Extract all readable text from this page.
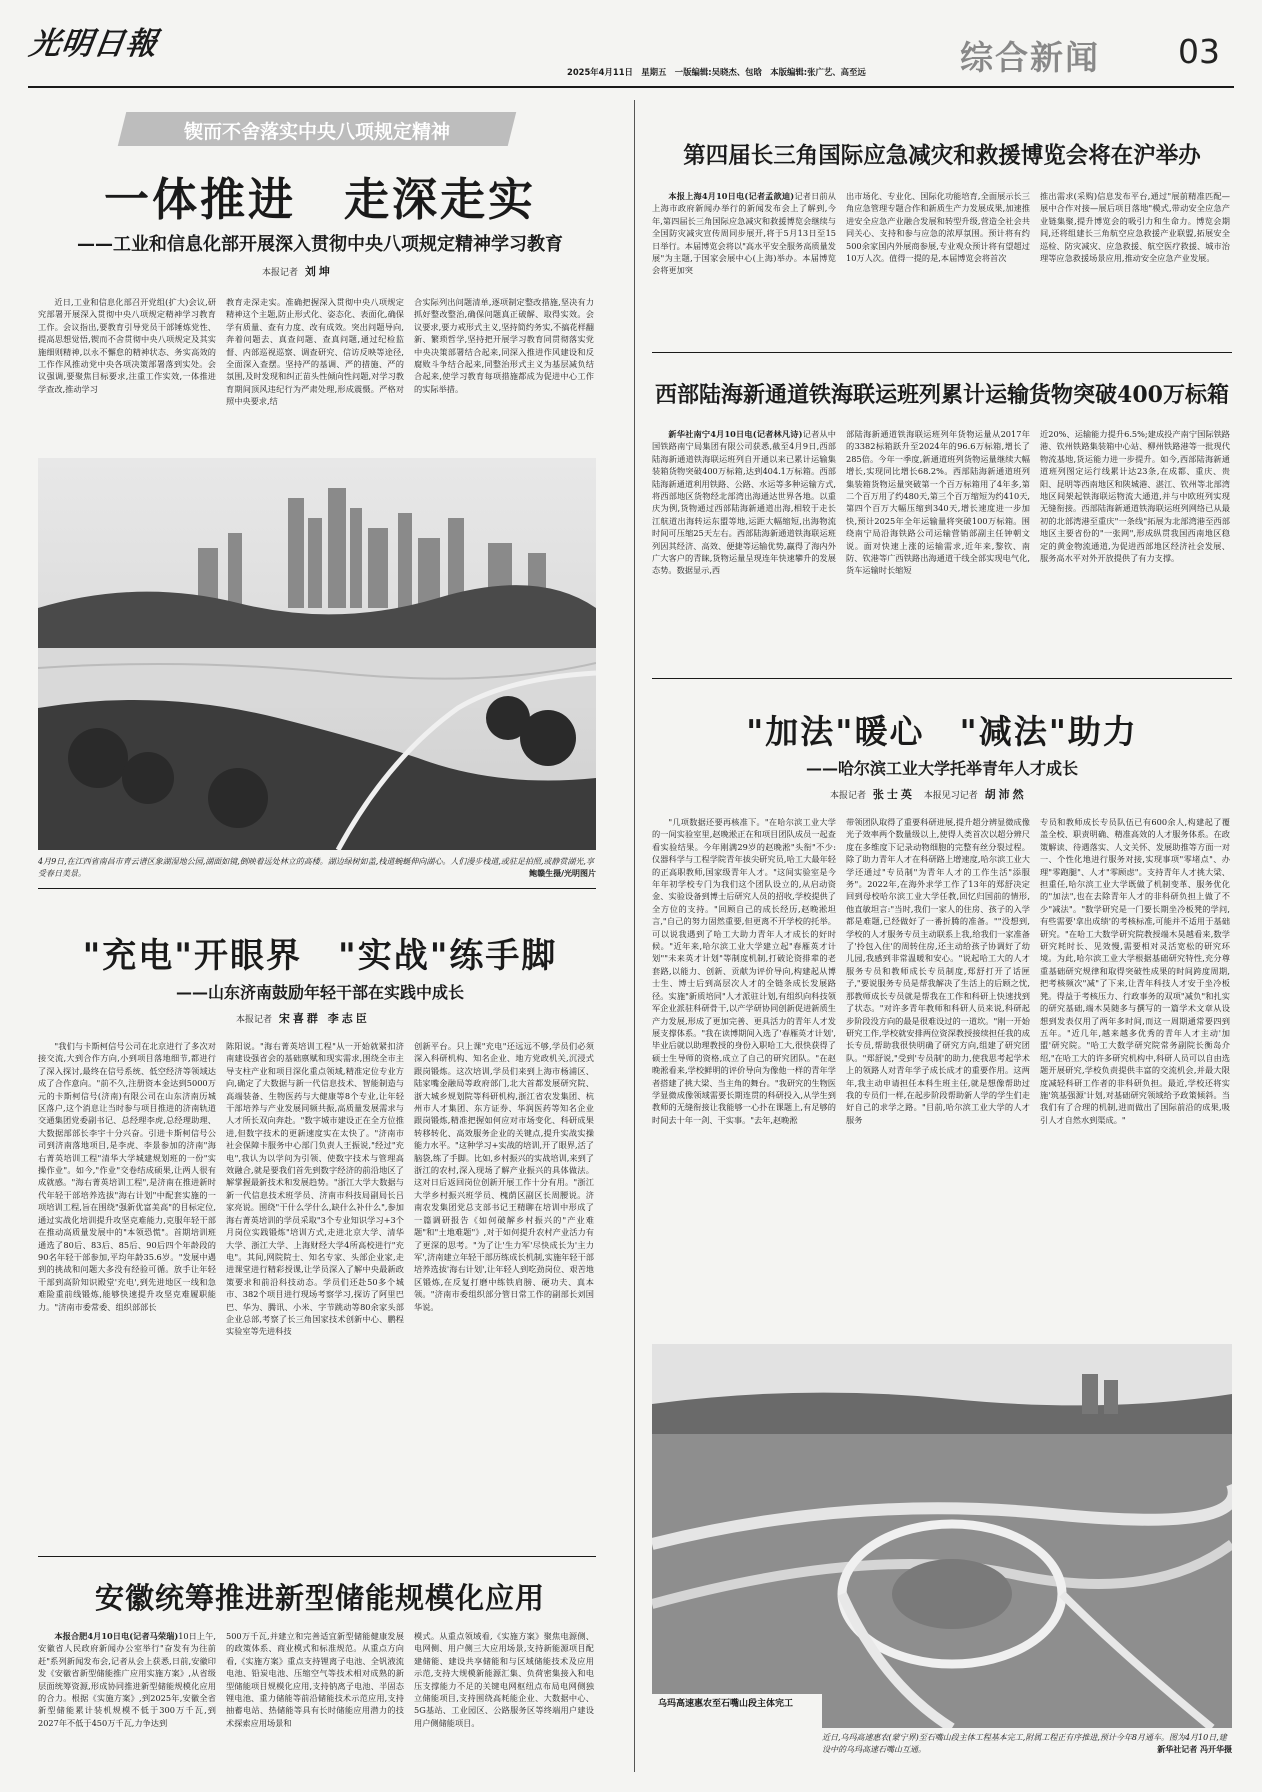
光明日報
2025年4月11日　星期五　一版编辑:吴晓杰、包晗　本版编辑:张广艺、高至远	综合新闻 03
锲而不舍落实中央八项规定精神
一体推进　走深走实
——工业和信息化部开展深入贯彻中央八项规定精神学习教育
本报记者 刘坤

近日,工业和信息化部召开党组(扩大)会议,研究部署开展深入贯彻中央八项规定精神学习教育工作。会议指出,要教育引导党员干部锤炼党性、提高思想觉悟,锲而不舍贯彻中央八项规定及其实施细则精神,以永不懈怠的精神状态、务实高效的工作作风推动党中央各项决策部署落到实处。会议强调,要聚焦目标要求,注重工作实效,一体推进学查改,推动学习

教育走深走实。准确把握深入贯彻中央八项规定精神这个主题,防止形式化、姿态化、表面化,确保学有质量、查有力度、改有成效。突出问题导向,奔着问题去、真查问题、查真问题,通过纪检监督、内部巡视巡察、调查研究、信访反映等途径,全面深入查摆。坚持严的基调、严的措施、严的氛围,及时发现和纠正苗头性倾向性问题,对学习教育期间顶风违纪行为严肃处理,形成震慑。严格对照中央要求,结

合实际列出问题清单,逐项制定整改措施,坚决有力抓好整改整治,确保问题真正破解、取得实效。会议要求,要力戒形式主义,坚持简约务实,不搞花样翻新、繁琐哲学,坚持把开展学习教育同贯彻落实党中央决策部署结合起来,同深入推进作风建设和反腐败斗争结合起来,同整治形式主义为基层减负结合起来,使学习教育每项措施都成为促进中心工作的实际举措。

4月9日,在江西省南昌市青云谱区象湖湿地公园,湖面如镜,倒映着远处林立的高楼。湖边绿树如盖,栈道蜿蜒伸向湖心。人们漫步栈道,或驻足拍照,或静赏湖光,享受春日美景。	鲍赣生摄/光明图片
"充电"开眼界　"实战"练手脚
——山东济南鼓励年轻干部在实践中成长
本报记者 宋喜群 李志臣

"我们与卡斯柯信号公司在北京进行了多次对接交流,大到合作方向,小到项目落地细节,都进行了深入探讨,最终在信号系统、低空经济等领域达成了合作意向。"前不久,注册资本金达到5000万元的卡斯柯信号(济南)有限公司在山东济南历城区落户,这个消息让当时参与项目推进的济南轨道交通集团党委副书记、总经理李虎,总经理助理、大数据部部长李宇十分兴奋。引进卡斯柯信号公司到济南落地项目,是李虎、李景参加的济南"海右菁英培训工程"清华大学城建规划班的一份"实操作业"。如今,"作业"交卷结成硕果,让两人很有成就感。"海右菁英培训工程",是济南在推进新时代年轻干部培养选拔"海右计划"中配套实施的一项培训工程,旨在围绕"强新优富美高"的目标定位,通过实战化培训提升攻坚克难能力,克服年轻干部在推动高质量发展中的"本领恐慌"。首期培训班通选了80后、83后、85后、90后四个年龄段的90名年轻干部参加,平均年龄35.6岁。"发展中遇到的挑战和问题大多没有经验可循。放手让年轻干部到高阶知识殿堂'充电',到先进地区一线和急难险重前线锻炼,能够快速提升攻坚克难履职能力。"济南市委常委、组织部部长

陈阳说。"海右菁英培训工程"从一开始就紧扣济南建设强省会的基础禀赋和现实需求,围绕全市主导支柱产业和项目深化重点领域,精准定位专业方向,确定了大数据与新一代信息技术、智能制造与高端装备、生物医药与大健康等8个专业,让年轻干部培养与产业发展同频共振,高质量发展需求与人才所长双向奔赴。"数字城市建设正在全方位推进,但数字技术的更新速度实在太快了。"济南市社会保障卡服务中心部门负责人王振说,"经过"充电",我认为以学问为引领、使数字技术与管理高效融合,就是要我们首先到数字经济的前沿地区了解掌握最新技术和发展趋势。"浙江大学大数据与新一代信息技术班学员、济南市科技局副局长吕家亮说。围绕"干什么学什么,缺什么补什么",参加海右菁英培训的学员采取"3个专业知识学习+3个月岗位实践锻炼"培训方式,走进北京大学、清华大学、浙江大学、上海财经大学4所高校进行"充电"。其间,网院院士、知名专家、头部企业家,走进课堂进行精彩授课,让学员深入了解中央最新政策要求和前沿科技动态。学员们还赴50多个城市、382个项目进行现场考察学习,探访了阿里巴巴、华为、腾讯、小米、字节跳动等80余家头部企业总部,考察了长三角国家技术创新中心、鹏程实验室等先进科技

创新平台。只上课"充电"还远远不够,学员们必须深入科研机构、知名企业、地方党政机关,沉浸式跟岗锻炼。这次培训,学员们来到上海市杨浦区、陆家嘴金融局等政府部门,北大首都发展研究院、浙大城乡规划院等科研机构,浙江省农发集团、杭州市人才集团、东方证券、华润医药等知名企业跟岗锻炼,精准把握如何应对市场变化、科研成果转移转化、高效服务企业的关键点,提升实战实操能力水平。"这种学习+实战的培训,开了眼界,活了脑袋,练了手脚。比如,乡村振兴的实战培训,来到了浙江的农村,深入现场了解产业振兴的具体做法。这对日后返回岗位创新开展工作十分有用。"浙江大学乡村振兴班学员、槐荫区副区长周腰说。济南农发集团党总支部书记王精聊在培训中形成了一篇调研报告《如何破解乡村振兴的"产业难题"和"土地难题"》,对于如何提升农村产业活力有了更深的思考。"为了让'生力军'尽快成长为'主力军',济南建立年轻干部历练成长机制,实施年轻干部培养选拔'海右计划',让年轻人到吃劲岗位、艰苦地区锻炼,在反复打磨中练铁肩膀、硬功夫、真本领。"济南市委组织部分管日常工作的副部长刘国华说。

安徽统筹推进新型储能规模化应用

本报合肥4月10日电(记者马荣瑞)10日上午,安徽省人民政府新闻办公室举行"奋发有为往前赶"系列新闻发布会,记者从会上获悉,日前,安徽印发《安徽省新型储能推广应用实施方案》,从省级层面统筹资源,形成协同推进新型储能规模化应用的合力。根据《实施方案》,到2025年,安徽全省新型储能累计装机规模不低于300万千瓦,到2027年不低于450万千瓦,力争达到

500万千瓦,并建立和完善适宜新型储能健康发展的政策体系、商业模式和标准规范。从重点方向看,《实施方案》重点支持锂离子电池、全钒液流电池、铅炭电池、压缩空气等技术相对成熟的新型储能项目规模化应用,支持钠离子电池、半固态锂电池、重力储能等前沿储能技术示范应用,支持抽蓄电站、热储能等具有长时储能应用潜力的技术探索应用场景和

模式。从重点领域看,《实施方案》聚焦电源侧、电网侧、用户侧三大应用场景,支持新能源项目配建储能、建设共享储能和与区域储能技术及应用示范,支持大规模新能源汇集、负荷密集接入和电压支撑能力不足的关键电网枢纽点布局电网侧独立储能项目,支持围绕高耗能企业、大数据中心、5G基站、工业园区、公路服务区等终端用户建设用户侧储能项目。

第四届长三角国际应急减灾和救援博览会将在沪举办

本报上海4月10日电(记者孟歆迪)记者日前从上海市政府新闻办举行的新闻发布会上了解到,今年,第四届长三角国际应急减灾和救援博览会继续与全国防灾减灾宣传周同步展开,将于5月13日至15日举行。本届博览会将以"高水平安全服务高质量发展"为主题,于国家会展中心(上海)举办。本届博览会将更加突

出市场化、专业化、国际化功能培育,全面展示长三角应急管理专题合作和新质生产力发展成果,加速推进安全应急产业融合发展和转型升级,营造全社会共同关心、支持和参与应急的浓厚氛围。预计将有约500余家国内外展商参展,专业观众预计将有望超过10万人次。值得一提的是,本届博览会将首次

推出需求(采购)信息发布平台,通过"展前精准匹配—展中合作对接—展后项目落地"模式,带动安全应急产业链集聚,提升博览会的吸引力和生命力。博览会期间,还将组建长三角航空应急救援产业联盟,拓展安全巡检、防灾减灾、应急救援、航空医疗救援、城市治理等应急救援场景应用,推动安全应急产业发展。

西部陆海新通道铁海联运班列累计运输货物突破400万标箱

新华社南宁4月10日电(记者林凡诗)记者从中国铁路南宁局集团有限公司获悉,截至4月9日,西部陆海新通道铁海联运班列自开通以来已累计运输集装箱货物突破400万标箱,达到404.1万标箱。西部陆海新通道利用铁路、公路、水运等多种运输方式,将西部地区货物经北部湾出海通达世界各地。以重庆为例,货物通过西部陆海新通道出海,相较于走长江航道出海转运东盟等地,运距大幅缩短,出海物流时间可压缩25天左右。西部陆海新通道铁海联运班列因其经济、高效、便捷等运输优势,赢得了海内外广大客户的青睐,货物运量呈现连年快速攀升的发展态势。数据显示,西

部陆海新通道铁海联运班列年货物运量从2017年的3382标箱跃升至2024年的96.6万标箱,增长了285倍。今年一季度,新通道班列货物运量继续大幅增长,实现同比增长68.2%。西部陆海新通道班列集装箱货物运量突破第一个百万标箱用了4年多,第二个百万用了约480天,第三个百万缩短为约410天,第四个百万大幅压缩到340天,增长速度进一步加快,预计2025年全年运输量将突破100万标箱。围绕南宁局沿海铁路公司运输营销部副主任钟朝文说。面对快速上涨的运输需求,近年来,黎钦、南防、钦港等广西铁路出海通道干线全部实现电气化,货车运输时长缩短

近20%、运输能力提升6.5%;建成投产南宁国际铁路港、钦州铁路集装箱中心站、柳州铁路港等一批现代物流基地,货运能力进一步提升。如今,西部陆海新通道班列图定运行线累计达23条,在成都、重庆、贵阳、昆明等西南地区和陕城港、湛江、钦州等北部湾地区间架起铁海联运物流大通道,并与中欧班列实现无缝衔接。西部陆海新通道铁海联运班列网络已从最初的北部湾港至重庆"一条线"拓展为北部湾港至西部地区主要省份的"一张网",形成纵贯我国西南地区稳定的黄金物流通道,为促进西部地区经济社会发展、服务高水平对外开放提供了有力支撑。

"加法"暖心　"减法"助力
——哈尔滨工业大学托举青年人才成长
本报记者 张士英 本报见习记者 胡沛然

"几项数据还要再核准下。"在哈尔滨工业大学的一间实验室里,赵晚淞正在和项目团队成员一起查看实验结果。今年刚满29岁的赵晚淞"头衔"不少:仪器科学与工程学院青年拔尖研究员,哈工大最年轻的正高职教师,国家级青年人才。"这间实验室是今年年初学校专门为我们这个团队设立的,从启动资金、实验设备到博士后研究人员的招收,学校提供了全方位的支持。"回顾自己的成长经历,赵晚淞坦言,"自己的努力固然重要,但更离不开学校的托举。可以说我遇到了哈工大助力青年人才成长的好时候。"近年来,哈尔滨工业大学建立起"春雁英才计划""未来英才计划"等制度机制,打破论资排辈的老套路,以能力、创新、贡献为评价导向,构建起从博士生、博士后到高层次人才的全链条成长发展路径。实施"新质培同"人才派驻计划,有组织向科技领军企业派驻科研骨干,以产学研协同创新促进新质生产力发展,形成了更加完善、更具活力的青年人才发展支撑体系。"我在读博期间入选了'春雁英才计划',毕业后就以助理教授的身份入职哈工大,很快获得了硕士生导师的资格,成立了自己的研究团队。"在赵晚淞看来,学校鲜明的评价导向为像他一样的青年学者搭建了挑大梁、当主角的舞台。"我研究的生物医学显微成像领域需要长期连贯的科研投入,从学生到教师的无缝衔接让我能够一心扑在课题上,有足够的时间去十年一剑、干实事。"去年,赵晚淞

带领团队取得了重要科研进展,提升超分辨显微成像光子效率两个数量级以上,使得人类首次以超分辨尺度在多维度下记录动物细胞的完整有丝分裂过程。除了助力青年人才在科研路上增速度,哈尔滨工业大学还通过"专员制"为青年人才的工作生活"添服务"。2022年,在海外求学工作了13年的郑舒决定回到母校哈尔滨工业大学任教,回忆归国前的情形,他直敏坦言:"当时,我们一家人的住房、孩子的入学都是难题,已经做好了一番折腾的准备。""没想到,学校的人才服务专员主动联系上我,给我们一家准备了'拎包入住'的周转住房,还主动给孩子协调好了幼儿园,我感到非常温暖和安心。"说起哈工大的人才服务专员和教师成长专员制度,郑舒打开了话匣子,"要说服务专员是帮我解决了生活上的后顾之忧,那教师成长专员就是帮我在工作和科研上快速找到了状态。"对许多青年教师和科研人员来说,科研起步阶段没方向的最是很难设过的一道坎。"刚一开始研究工作,学校就安排两位资深教授接续担任我的成长专员,帮助我很快明确了研究方向,组建了研究团队。"郑舒说,"受到'专员制'的助力,使我思考起学术上的领路人对青年学子成长成才的重要作用。这两年,我主动申请担任本科生班主任,就是想像帮助过我的专员们一样,在起步阶段帮助新人学的学生们走好自己的求学之路。"目前,哈尔滨工业大学的人才服务

专员和教师成长专员队伍已有600余人,构建起了覆盖全校、职责明确、精准高效的人才服务体系。在政策解读、待遇落实、人文关怀、发展助推等方面一对一、个性化地进行服务对接,实现事项"零堵点"、办理"零跑腿"、人才"零顾虑"。支持青年人才挑大梁、担重任,哈尔滨工业大学既做了机制变革、服务优化的"加法",也在去除青年人才的非科研负担上做了不少"减法"。"数学研究是一门要长期坐冷板凳的学问,有些需要'拿出成绩'的考核标准,可能并不适用于基础研究。"在哈工大数学研究院教授端木昊越看来,数学研究耗时长、见效慢,需要相对灵活宽松的研究环境。为此,哈尔滨工业大学根据基础研究特性,充分尊重基础研究规律和取得突破性成果的时间跨度周期,把考核频次"减"了下来,让青年科技人才安于坐冷板凳。得益于考核压力、行政事务的双项"减负"和扎实的研究基础,端木昊随多与撰写的一篇学术文章从设想到发表仅用了两年多时间,而这一周期通常要四到五年。"近几年,越来越多优秀的青年人才主动'加盟'研究院。"哈工大数学研究院常务副院长衡岛介绍,"在哈工大的许多研究机构中,科研人员可以自由选题开展研究,学校负责提供丰富的交流机会,并最大限度减轻科研工作者的非科研负担。最近,学校还将实施'筑基强源'计划,对基础研究领域给予政策倾斜。当我们有了合理的机制,进而做出了国际前沿的成果,吸引人才自然水到渠成。"

乌玛高速惠农至石嘴山段主体完工
近日,乌玛高速惠农(蒙宁界)至石嘴山段主体工程基本完工,附属工程正有序推进,预计今年8月通车。图为4月10日,建设中的乌玛高速石嘴山互通。	新华社记者 冯开华摄
